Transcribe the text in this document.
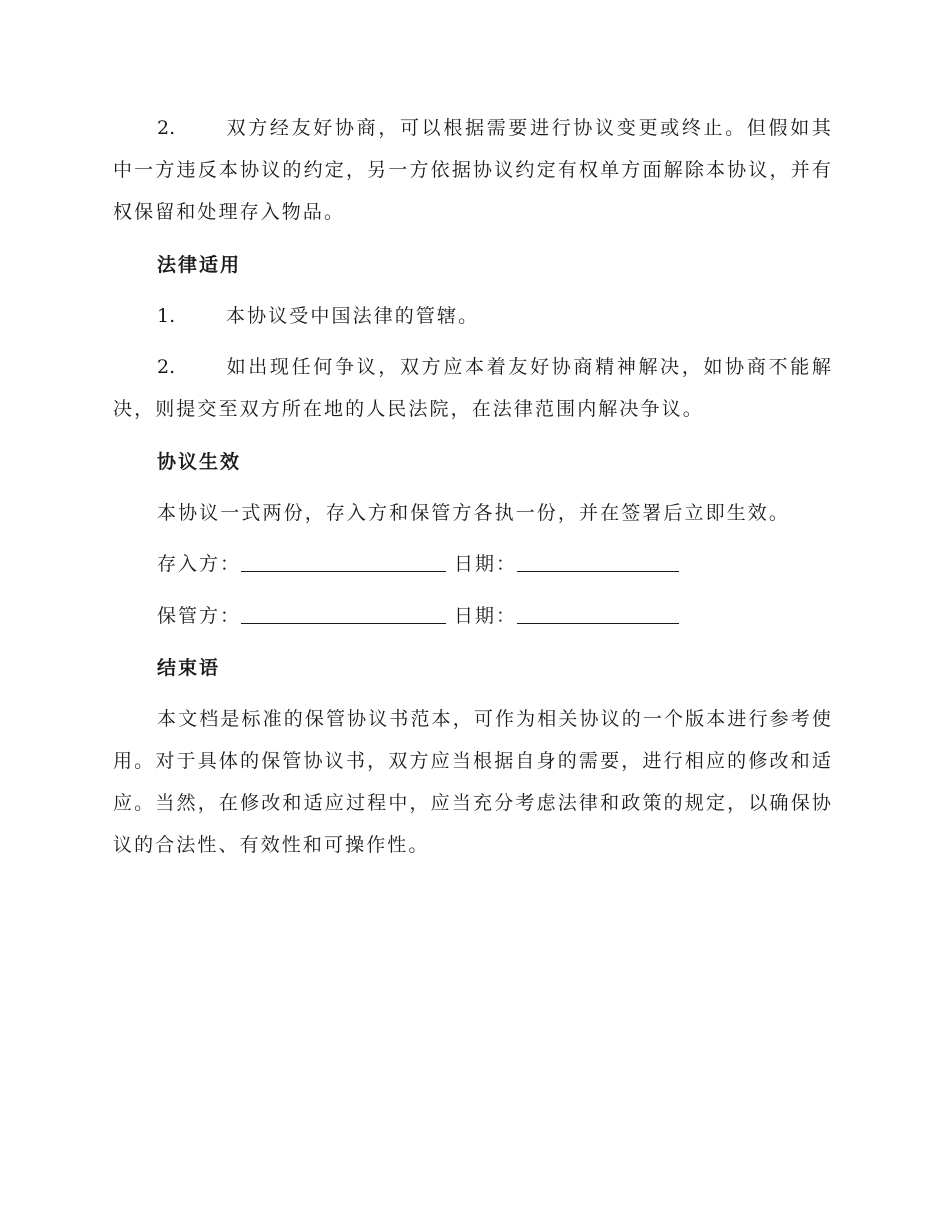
2.	双方经友好协商，可以根据需要进行协议变更或终止。但假如其中一方违反本协议的约定，另一方依据协议约定有权单方面解除本协议，并有权保留和处理存入物品。

法律适用

1.	本协议受中国法律的管辖。

2.	如出现任何争议，双方应本着友好协商精神解决，如协商不能解决，则提交至双方所在地的人民法院，在法律范围内解决争议。

协议生效

本协议一式两份，存入方和保管方各执一份，并在签署后立即生效。

存入方：	日期：

保管方：	日期：

结束语

本文档是标准的保管协议书范本，可作为相关协议的一个版本进行参考使用。对于具体的保管协议书，双方应当根据自身的需要，进行相应的修改和适应。当然，在修改和适应过程中，应当充分考虑法律和政策的规定，以确保协议的合法性、有效性和可操作性。
